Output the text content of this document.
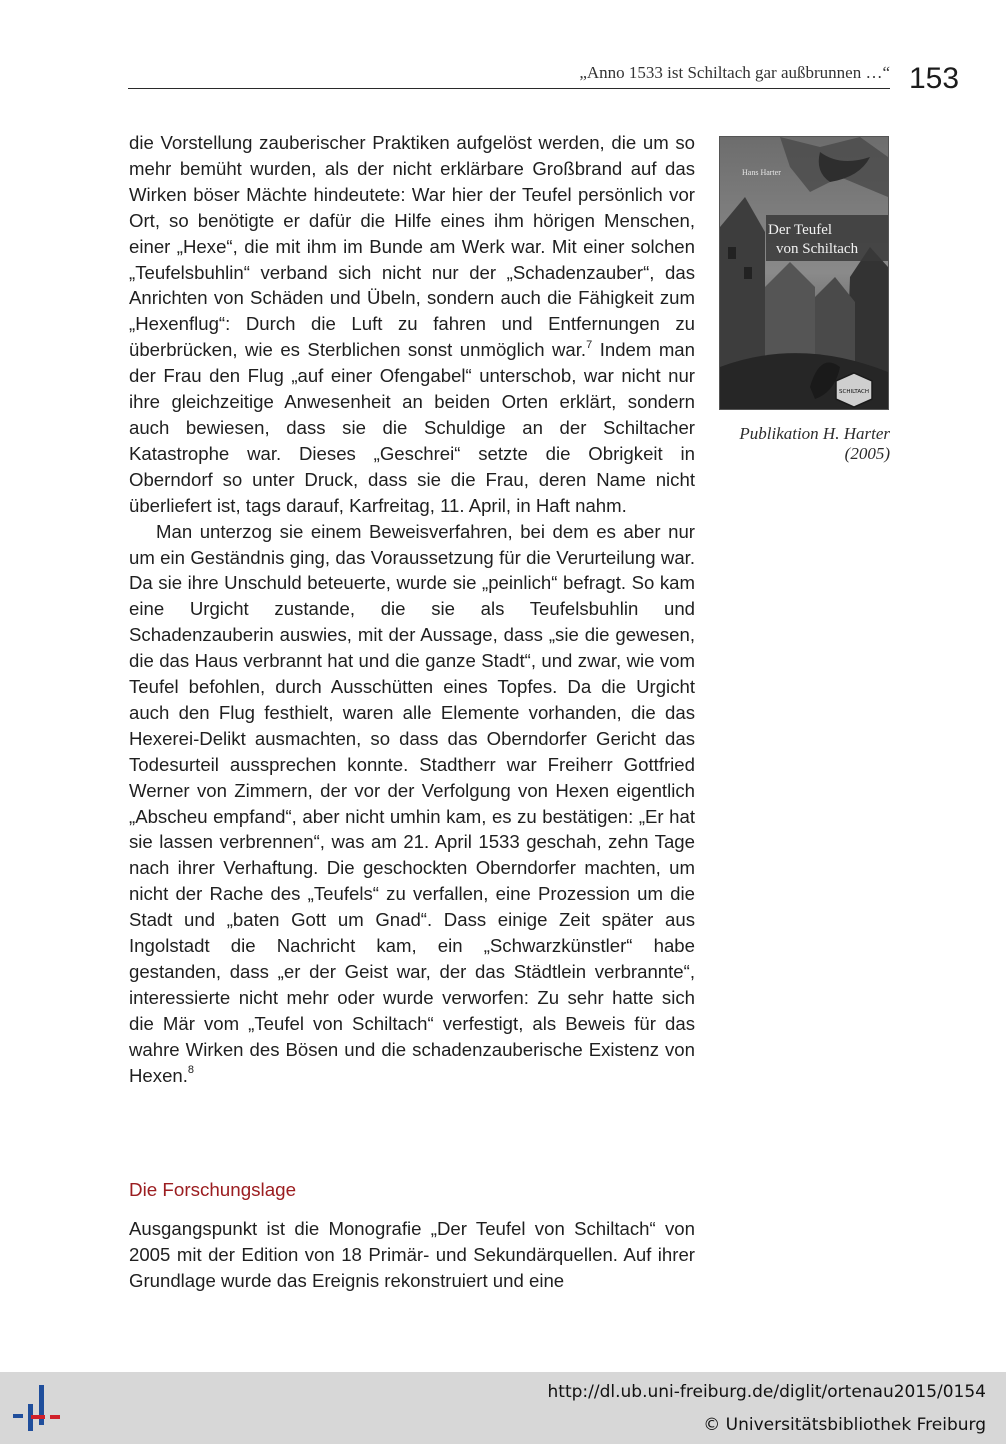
„Anno 1533 ist Schiltach gar außbrunnen …“ 153

die Vorstellung zauberischer Praktiken aufgelöst werden, die um so mehr bemüht wurden, als der nicht erklärbare Großbrand auf das Wirken böser Mächte hindeutete: War hier der Teufel persönlich vor Ort, so benötigte er dafür die Hilfe eines ihm hörigen Menschen, einer „Hexe“, die mit ihm im Bunde am Werk war. Mit einer solchen „Teufelsbuhlin“ verband sich nicht nur der „Schadenzauber“, das Anrichten von Schäden und Übeln, sondern auch die Fähigkeit zum „Hexenflug“: Durch die Luft zu fahren und Entfernungen zu überbrücken, wie es Sterblichen sonst unmöglich war.$^7$ Indem man der Frau den Flug „auf einer Ofengabel“ unterschob, war nicht nur ihre gleichzeitige Anwesenheit an beiden Orten erklärt, sondern auch bewiesen, dass sie die Schuldige an der Schiltacher Katastrophe war. Dieses „Geschrei“ setzte die Obrigkeit in Oberndorf so unter Druck, dass sie die Frau, deren Name nicht überliefert ist, tags darauf, Karfreitag, 11. April, in Haft nahm.

Man unterzog sie einem Beweisverfahren, bei dem es aber nur um ein Geständnis ging, das Voraussetzung für die Verurteilung war. Da sie ihre Unschuld beteuerte, wurde sie „peinlich“ befragt. So kam eine Urgicht zustande, die sie als Teufelsbuhlin und Schadenzauberin auswies, mit der Aussage, dass „sie die gewesen, die das Haus verbrannt hat und die ganze Stadt“, und zwar, wie vom Teufel befohlen, durch Ausschütten eines Topfes. Da die Urgicht auch den Flug festhielt, waren alle Elemente vorhanden, die das Hexerei-Delikt ausmachten, so dass das Oberndorfer Gericht das Todesurteil aussprechen konnte. Stadtherr war Freiherr Gottfried Werner von Zimmern, der vor der Verfolgung von Hexen eigentlich „Abscheu empfand“, aber nicht umhin kam, es zu bestätigen: „Er hat sie lassen verbrennen“, was am 21. April 1533 geschah, zehn Tage nach ihrer Verhaftung. Die geschockten Oberndorfer machten, um nicht der Rache des „Teufels“ zu verfallen, eine Prozession um die Stadt und „baten Gott um Gnad“. Dass einige Zeit später aus Ingolstadt die Nachricht kam, ein „Schwarzkünstler“ habe gestanden, dass „er der Geist war, der das Städtlein verbrannte“, interessierte nicht mehr oder wurde verworfen: Zu sehr hatte sich die Mär vom „Teufel von Schiltach“ verfestigt, als Beweis für das wahre Wirken des Bösen und die schadenzauberische Existenz von Hexen.$^8$

Die Forschungslage

Ausgangspunkt ist die Monografie „Der Teufel von Schiltach“ von 2005 mit der Edition von 18 Primär- und Sekundärquellen. Auf ihrer Grundlage wurde das Ereignis rekonstruiert und eine

Hans Harter
Der Teufel
von Schiltach
SCHILTACH
Publikation H. Harter
(2005)
http://dl.ub.uni-freiburg.de/diglit/ortenau2015/0154
© Universitätsbibliothek Freiburg
